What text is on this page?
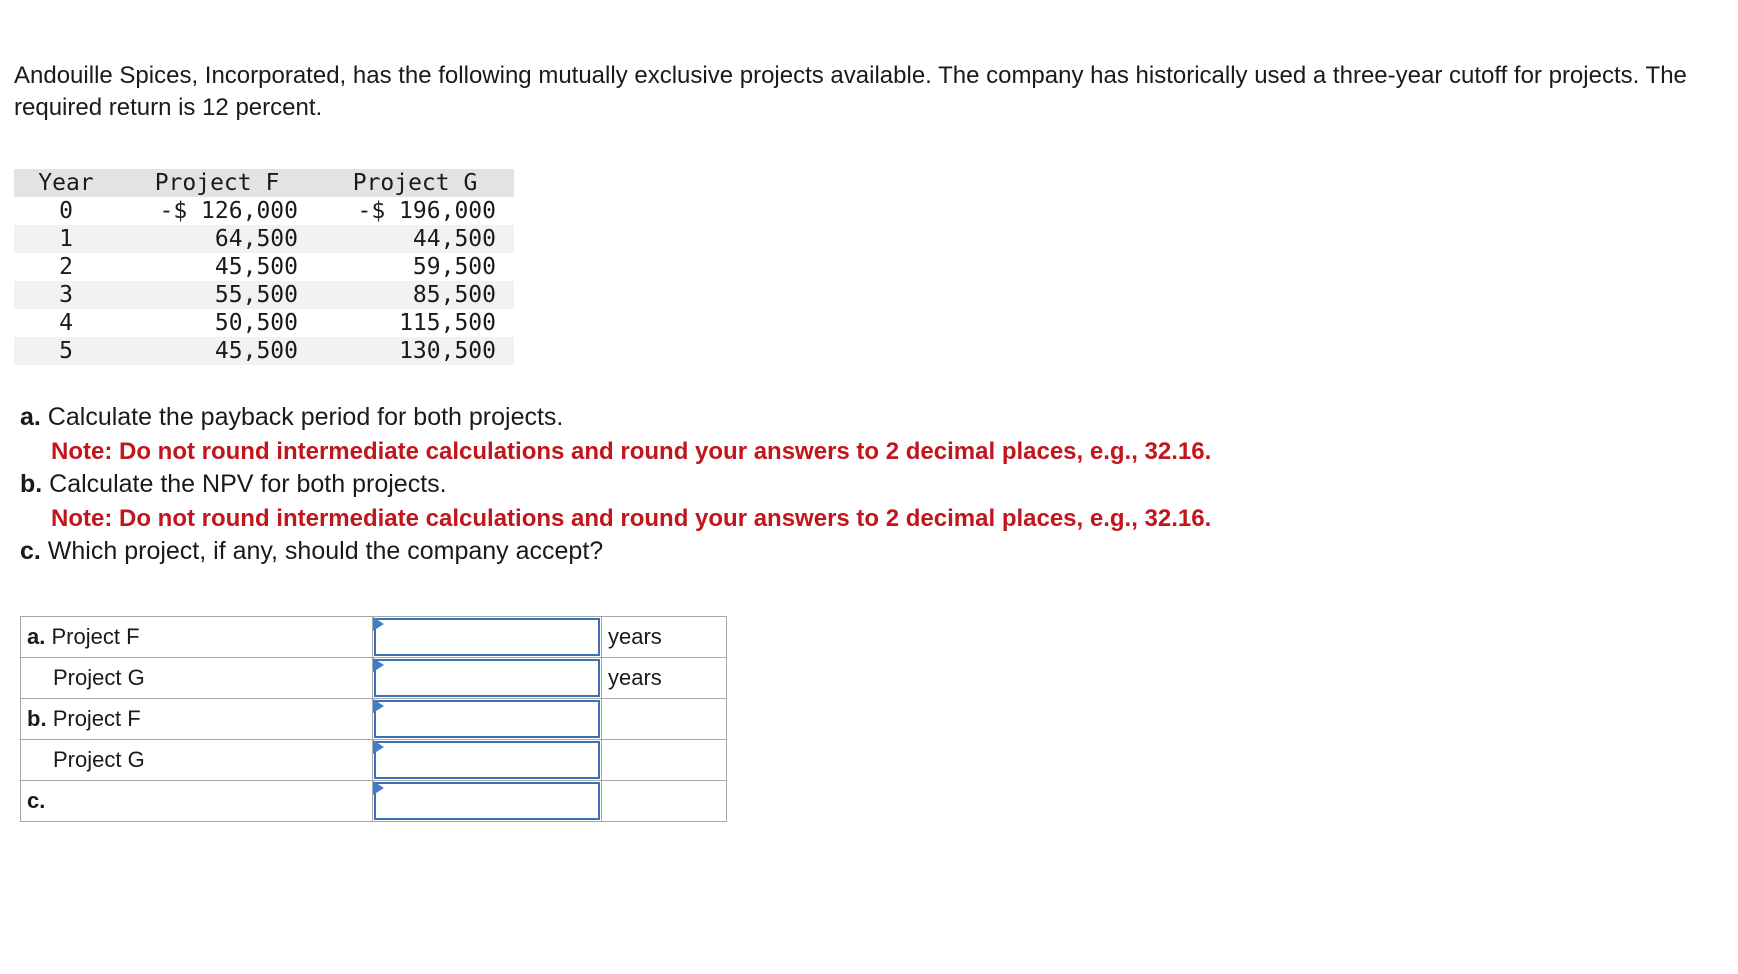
Andouille Spices, Incorporated, has the following mutually exclusive projects available. The company has historically used a three-year cutoff for projects. The required return is 12 percent.

Year	Project F	Project G
0	-$ 126,000	-$ 196,000
1	64,500	44,500
2	45,500	59,500
3	55,500	85,500
4	50,500	115,500
5	45,500	130,500

a. Calculate the payback period for both projects.

Note: Do not round intermediate calculations and round your answers to 2 decimal places, e.g., 32.16.

b. Calculate the NPV for both projects.

Note: Do not round intermediate calculations and round your answers to 2 decimal places, e.g., 32.16.

c. Which project, if any, should the company accept?

a. Project F		years
Project G		years
b. Project F	

Project G	

c.	
